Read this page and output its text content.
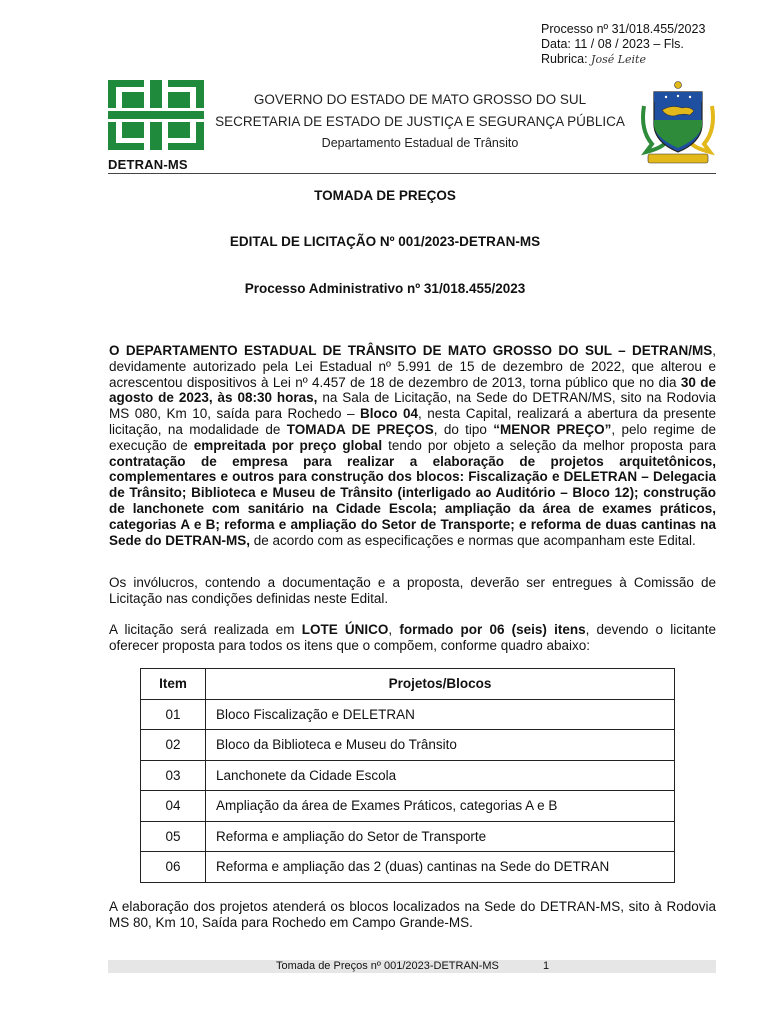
Processo nº 31/018.455/2023
Data: 11 / 08 / 2023 – Fls.
Rubrica: José Leite
DETRAN-MS
GOVERNO DO ESTADO DE MATO GROSSO DO SUL
SECRETARIA DE ESTADO DE JUSTIÇA E SEGURANÇA PÚBLICA
Departamento Estadual de Trânsito
TOMADA DE PREÇOS
EDITAL DE LICITAÇÃO Nº 001/2023-DETRAN-MS
Processo Administrativo nº 31/018.455/2023
O DEPARTAMENTO ESTADUAL DE TRÂNSITO DE MATO GROSSO DO SUL – DETRAN/MS, devidamente autorizado pela Lei Estadual nº 5.991 de 15 de dezembro de 2022, que alterou e acrescentou dispositivos à Lei nº 4.457 de 18 de dezembro de 2013, torna público que no dia 30 de agosto de 2023, às 08:30 horas, na Sala de Licitação, na Sede do DETRAN/MS, sito na Rodovia MS 080, Km 10, saída para Rochedo – Bloco 04, nesta Capital, realizará a abertura da presente licitação, na modalidade de TOMADA DE PREÇOS, do tipo “MENOR PREÇO”, pelo regime de execução de empreitada por preço global tendo por objeto a seleção da melhor proposta para contratação de empresa para realizar a elaboração de projetos arquitetônicos, complementares e outros para construção dos blocos: Fiscalização e DELETRAN – Delegacia de Trânsito; Biblioteca e Museu de Trânsito (interligado ao Auditório – Bloco 12); construção de lanchonete com sanitário na Cidade Escola; ampliação da área de exames práticos, categorias A e B; reforma e ampliação do Setor de Transporte; e reforma de duas cantinas na Sede do DETRAN-MS, de acordo com as especificações e normas que acompanham este Edital.
Os invólucros, contendo a documentação e a proposta, deverão ser entregues à Comissão de Licitação nas condições definidas neste Edital.
A licitação será realizada em LOTE ÚNICO, formado por 06 (seis) itens, devendo o licitante oferecer proposta para todos os itens que o compõem, conforme quadro abaixo:
Item	Projetos/Blocos
01	Bloco Fiscalização e DELETRAN
02	Bloco da Biblioteca e Museu do Trânsito
03	Lanchonete da Cidade Escola
04	Ampliação da área de Exames Práticos, categorias A e B
05	Reforma e ampliação do Setor de Transporte
06	Reforma e ampliação das 2 (duas) cantinas na Sede do DETRAN
A elaboração dos projetos atenderá os blocos localizados na Sede do DETRAN-MS, sito à Rodovia MS 80, Km 10, Saída para Rochedo em Campo Grande-MS.
Tomada de Preços nº 001/2023-DETRAN-MS	1
